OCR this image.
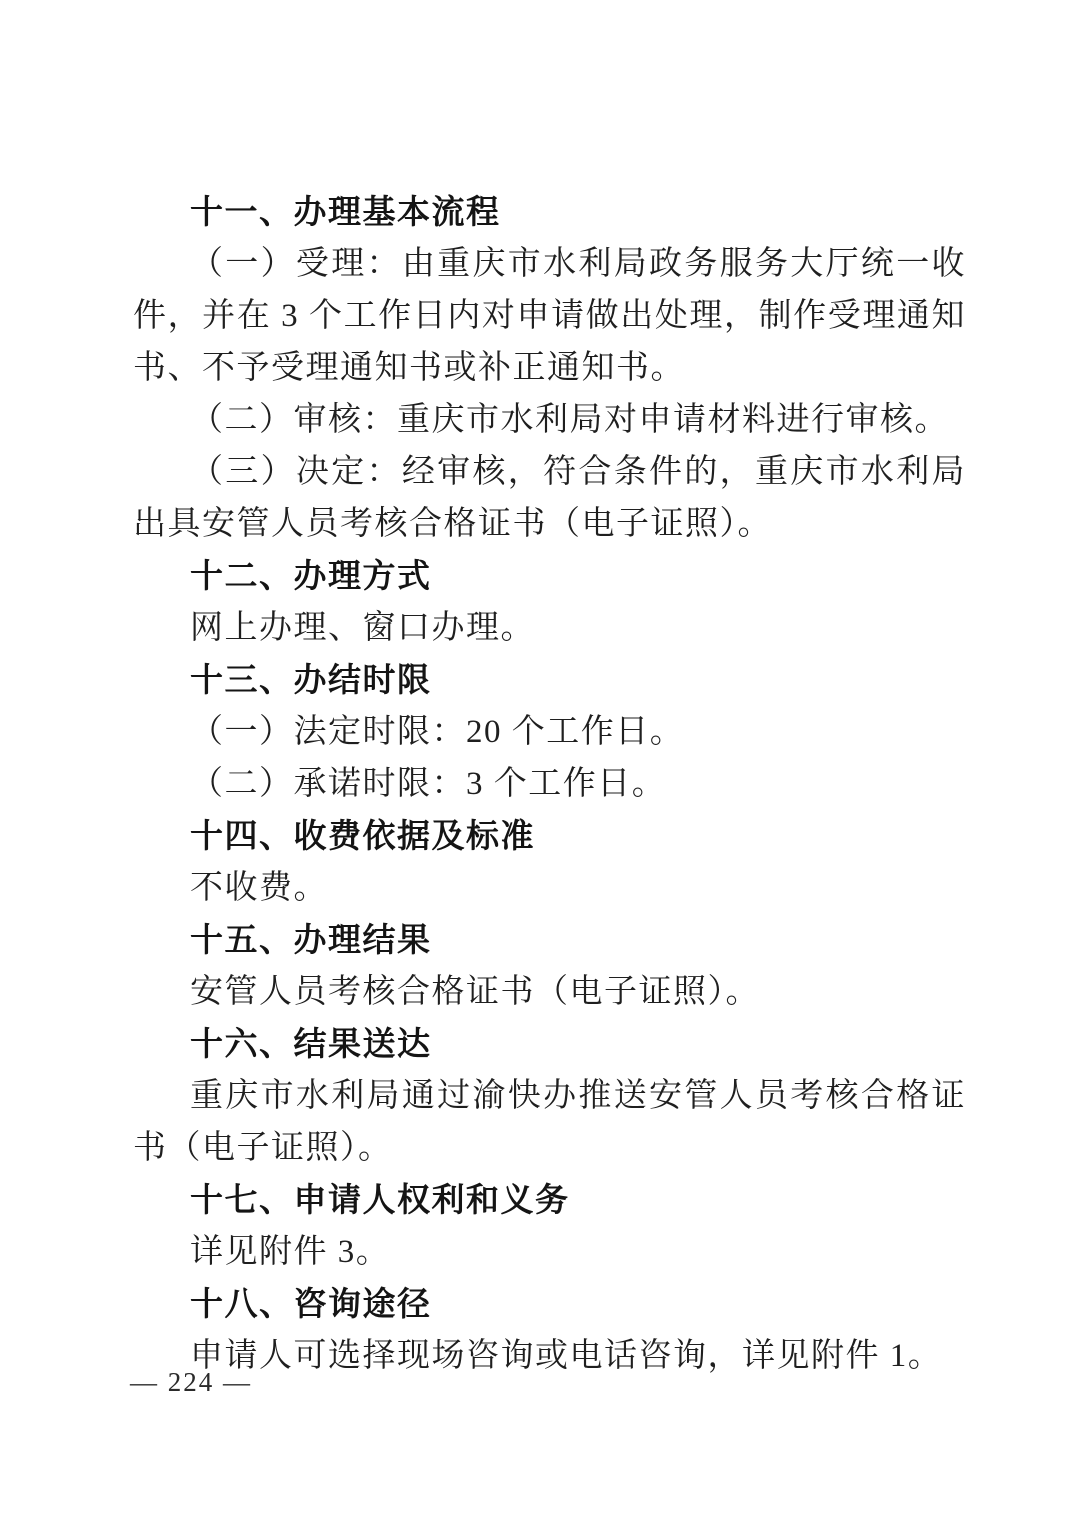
十一、办理基本流程

（一）受理：由重庆市水利局政务服务大厅统一收件，并在 3 个工作日内对申请做出处理，制作受理通知书、不予受理通知书或补正通知书。

（二）审核：重庆市水利局对申请材料进行审核。

（三）决定：经审核，符合条件的，重庆市水利局出具安管人员考核合格证书（电子证照）。

十二、办理方式

网上办理、窗口办理。

十三、办结时限

（一）法定时限：20 个工作日。

（二）承诺时限：3 个工作日。

十四、收费依据及标准

不收费。

十五、办理结果

安管人员考核合格证书（电子证照）。

十六、结果送达

重庆市水利局通过渝快办推送安管人员考核合格证书（电子证照）。

十七、申请人权利和义务

详见附件 3。

十八、咨询途径

申请人可选择现场咨询或电话咨询，详见附件 1。

— 224 —
